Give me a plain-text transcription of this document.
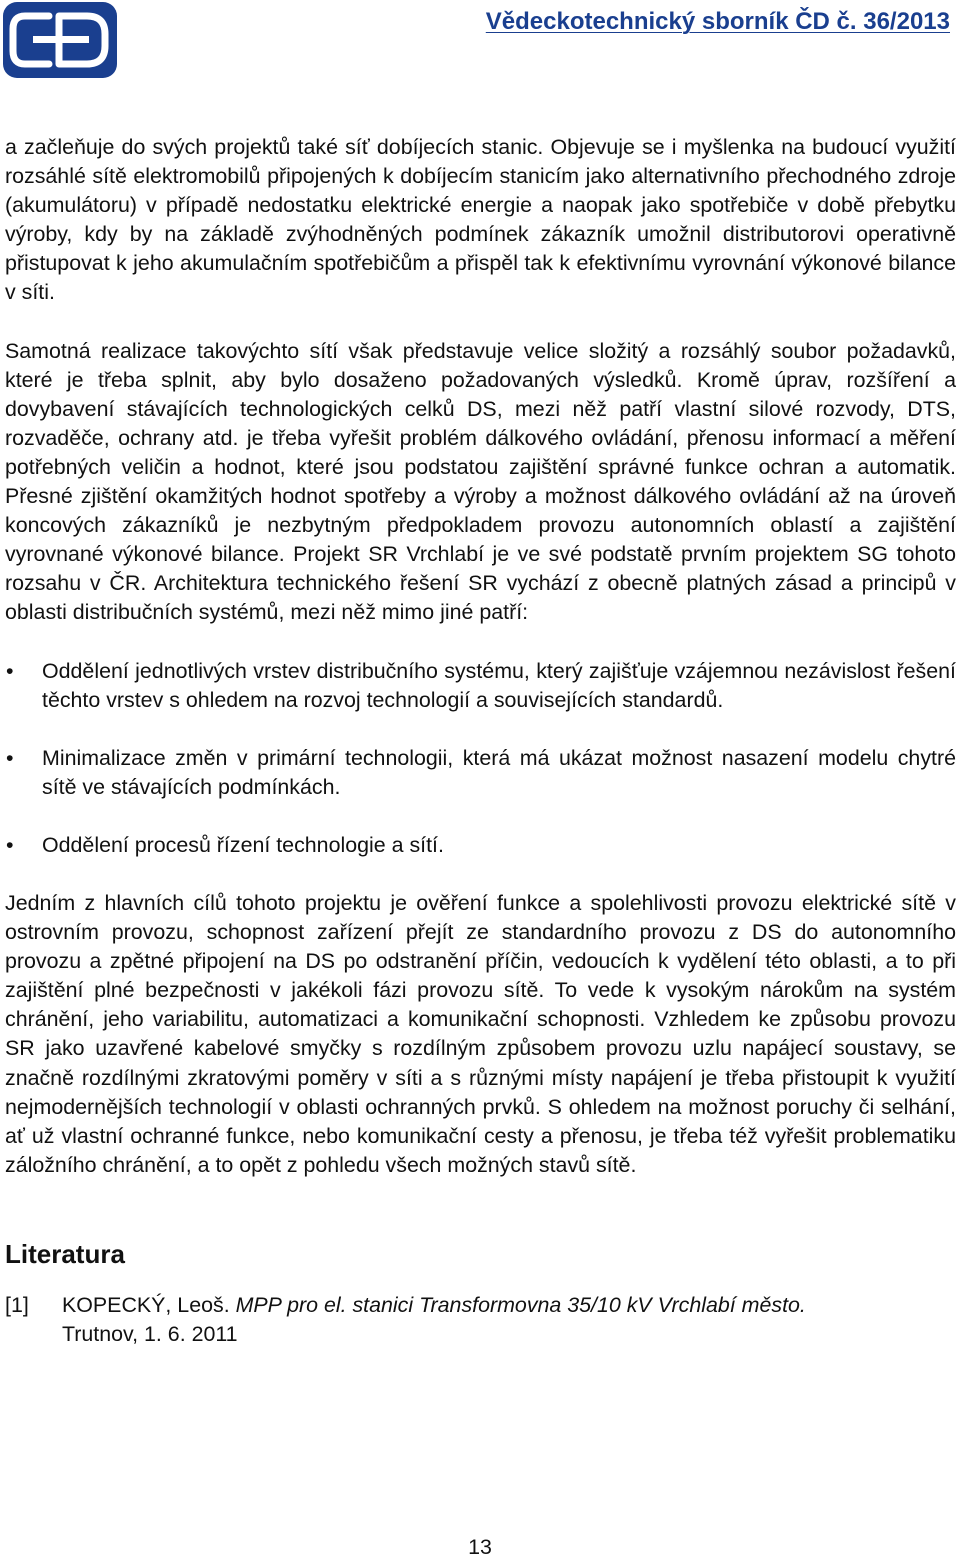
Vědeckotechnický sborník ČD č. 36/2013

a začleňuje do svých projektů také síť dobíjecích stanic. Objevuje se i myšlenka na budoucí využití rozsáhlé sítě elektromobilů připojených k dobíjecím stanicím jako alternativního přechodného zdroje (akumulátoru) v případě nedostatku elektrické energie a naopak jako spotřebiče v době přebytku výroby, kdy by na základě zvýhodněných podmínek zákazník umožnil distributorovi operativně přistupovat k jeho akumulačním spotřebičům a přispěl tak k efektivnímu vyrovnání výkonové bilance v síti.

Samotná realizace takovýchto sítí však představuje velice složitý a rozsáhlý soubor požadavků, které je třeba splnit, aby bylo dosaženo požadovaných výsledků. Kromě úprav, rozšíření a dovybavení stávajících technologických celků DS, mezi něž patří vlastní silové rozvody, DTS, rozvaděče, ochrany atd. je třeba vyřešit problém dálkového ovládání, přenosu informací a měření potřebných veličin a hodnot, které jsou podstatou zajištění správné funkce ochran a automatik. Přesné zjištění okamžitých hodnot spotřeby a výroby a možnost dálkového ovládání až na úroveň koncových zákazníků je nezbytným předpokladem provozu autonomních oblastí a zajištění vyrovnané výkonové bilance. Projekt SR Vrchlabí je ve své podstatě prvním projektem SG tohoto rozsahu v ČR. Architektura technického řešení SR vychází z obecně platných zásad a principů v oblasti distribučních systémů, mezi něž mimo jiné patří:

• Oddělení jednotlivých vrstev distribučního systému, který zajišťuje vzájemnou nezávislost řešení těchto vrstev s ohledem na rozvoj technologií a souvisejících standardů.
• Minimalizace změn v primární technologii, která má ukázat možnost nasazení modelu chytré sítě ve stávajících podmínkách.
• Oddělení procesů řízení technologie a sítí.

Jedním z hlavních cílů tohoto projektu je ověření funkce a spolehlivosti provozu elektrické sítě v ostrovním provozu, schopnost zařízení přejít ze standardního provozu z DS do autonomního provozu a zpětné připojení na DS po odstranění příčin, vedoucích k vydělení této oblasti, a to při zajištění plné bezpečnosti v jakékoli fázi provozu sítě. To vede k vysokým nárokům na systém chránění, jeho variabilitu, automatizaci a komunikační schopnosti. Vzhledem ke způsobu provozu SR jako uzavřené kabelové smyčky s rozdílným způsobem provozu uzlu napájecí soustavy, se značně rozdílnými zkratovými poměry v síti a s různými místy napájení je třeba přistoupit k využití nejmodernějších technologií v oblasti ochranných prvků. S ohledem na možnost poruchy či selhání, ať už vlastní ochranné funkce, nebo komunikační cesty a přenosu, je třeba též vyřešit problematiku záložního chránění, a to opět z pohledu všech možných stavů sítě.

Literatura
[1] KOPECKÝ, Leoš. MPP pro el. stanici Transformovna 35/10 kV Vrchlabí město.
Trutnov, 1. 6. 2011
13
